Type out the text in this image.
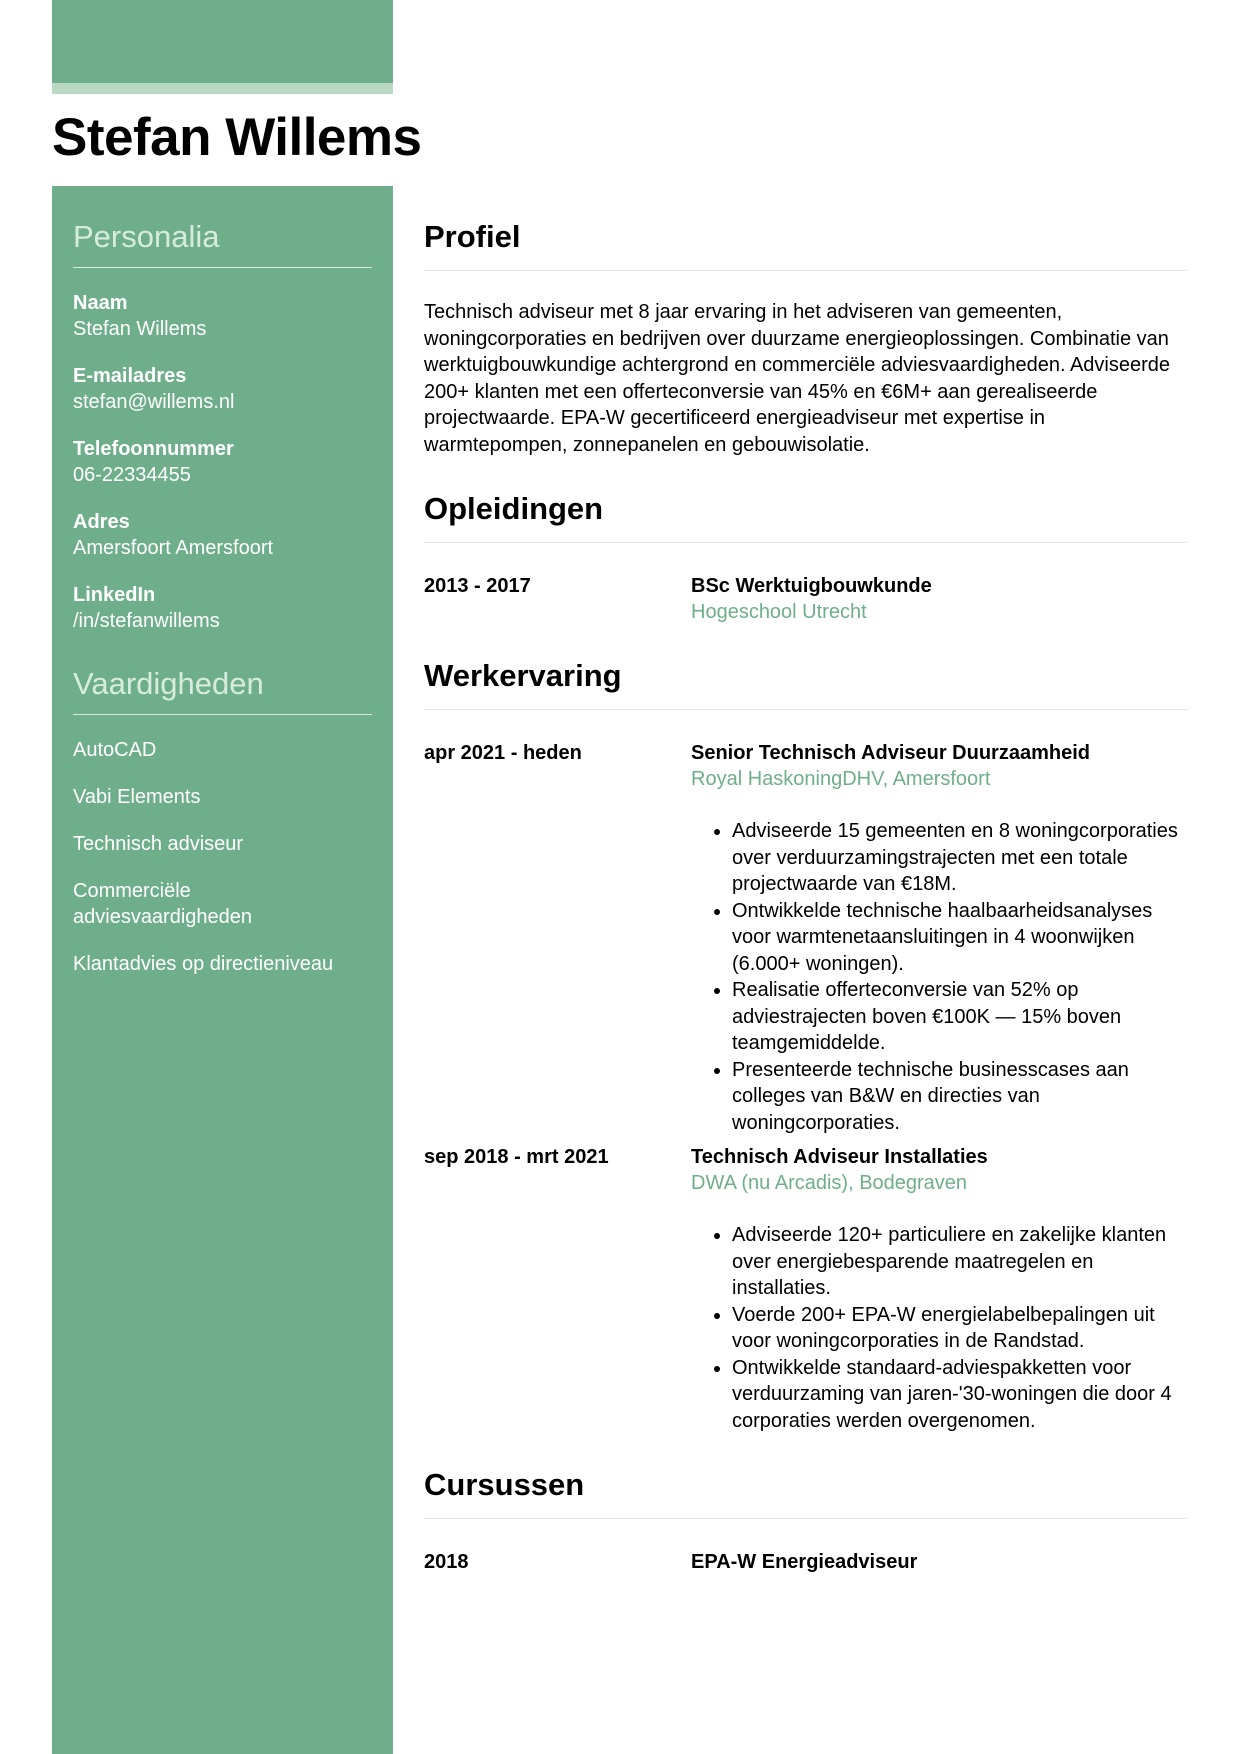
Stefan Willems
Personalia
Naam
Stefan Willems
E-mailadres
stefan@willems.nl
Telefoonnummer
06-22334455
Adres
Amersfoort Amersfoort
LinkedIn
/in/stefanwillems
Vaardigheden
AutoCAD
Vabi Elements
Technisch adviseur
Commerciële adviesvaardigheden
Klantadvies op directieniveau
Profiel

Technisch adviseur met 8 jaar ervaring in het adviseren van gemeenten, woningcorporaties en bedrijven over duurzame energieoplossingen. Combinatie van werktuigbouwkundige achtergrond en commerciële adviesvaardigheden. Adviseerde 200+ klanten met een offerteconversie van 45% en €6M+ aan gerealiseerde projectwaarde. EPA-W gecertificeerd energieadviseur met expertise in warmtepompen, zonnepanelen en gebouwisolatie.

Opleidingen
2013 - 2017	BSc Werktuigbouwkunde
Hogeschool Utrecht
Werkervaring
apr 2021 - heden	Senior Technisch Adviseur Duurzaamheid
Royal HaskoningDHV, Amersfoort
• Adviseerde 15 gemeenten en 8 woningcorporaties over verduurzamingstrajecten met een totale projectwaarde van €18M.
• Ontwikkelde technische haalbaarheidsanalyses voor warmtenetaansluitingen in 4 woonwijken (6.000+ woningen).
• Realisatie offerteconversie van 52% op adviestrajecten boven €100K — 15% boven teamgemiddelde.
• Presenteerde technische businesscases aan colleges van B&W en directies van woningcorporaties.
sep 2018 - mrt 2021	Technisch Adviseur Installaties
DWA (nu Arcadis), Bodegraven
• Adviseerde 120+ particuliere en zakelijke klanten over energiebesparende maatregelen en installaties.
• Voerde 200+ EPA-W energielabelbepalingen uit voor woningcorporaties in de Randstad.
• Ontwikkelde standaard-adviespakketten voor verduurzaming van jaren-'30-woningen die door 4 corporaties werden overgenomen.
Cursussen
2018	EPA-W Energieadviseur
